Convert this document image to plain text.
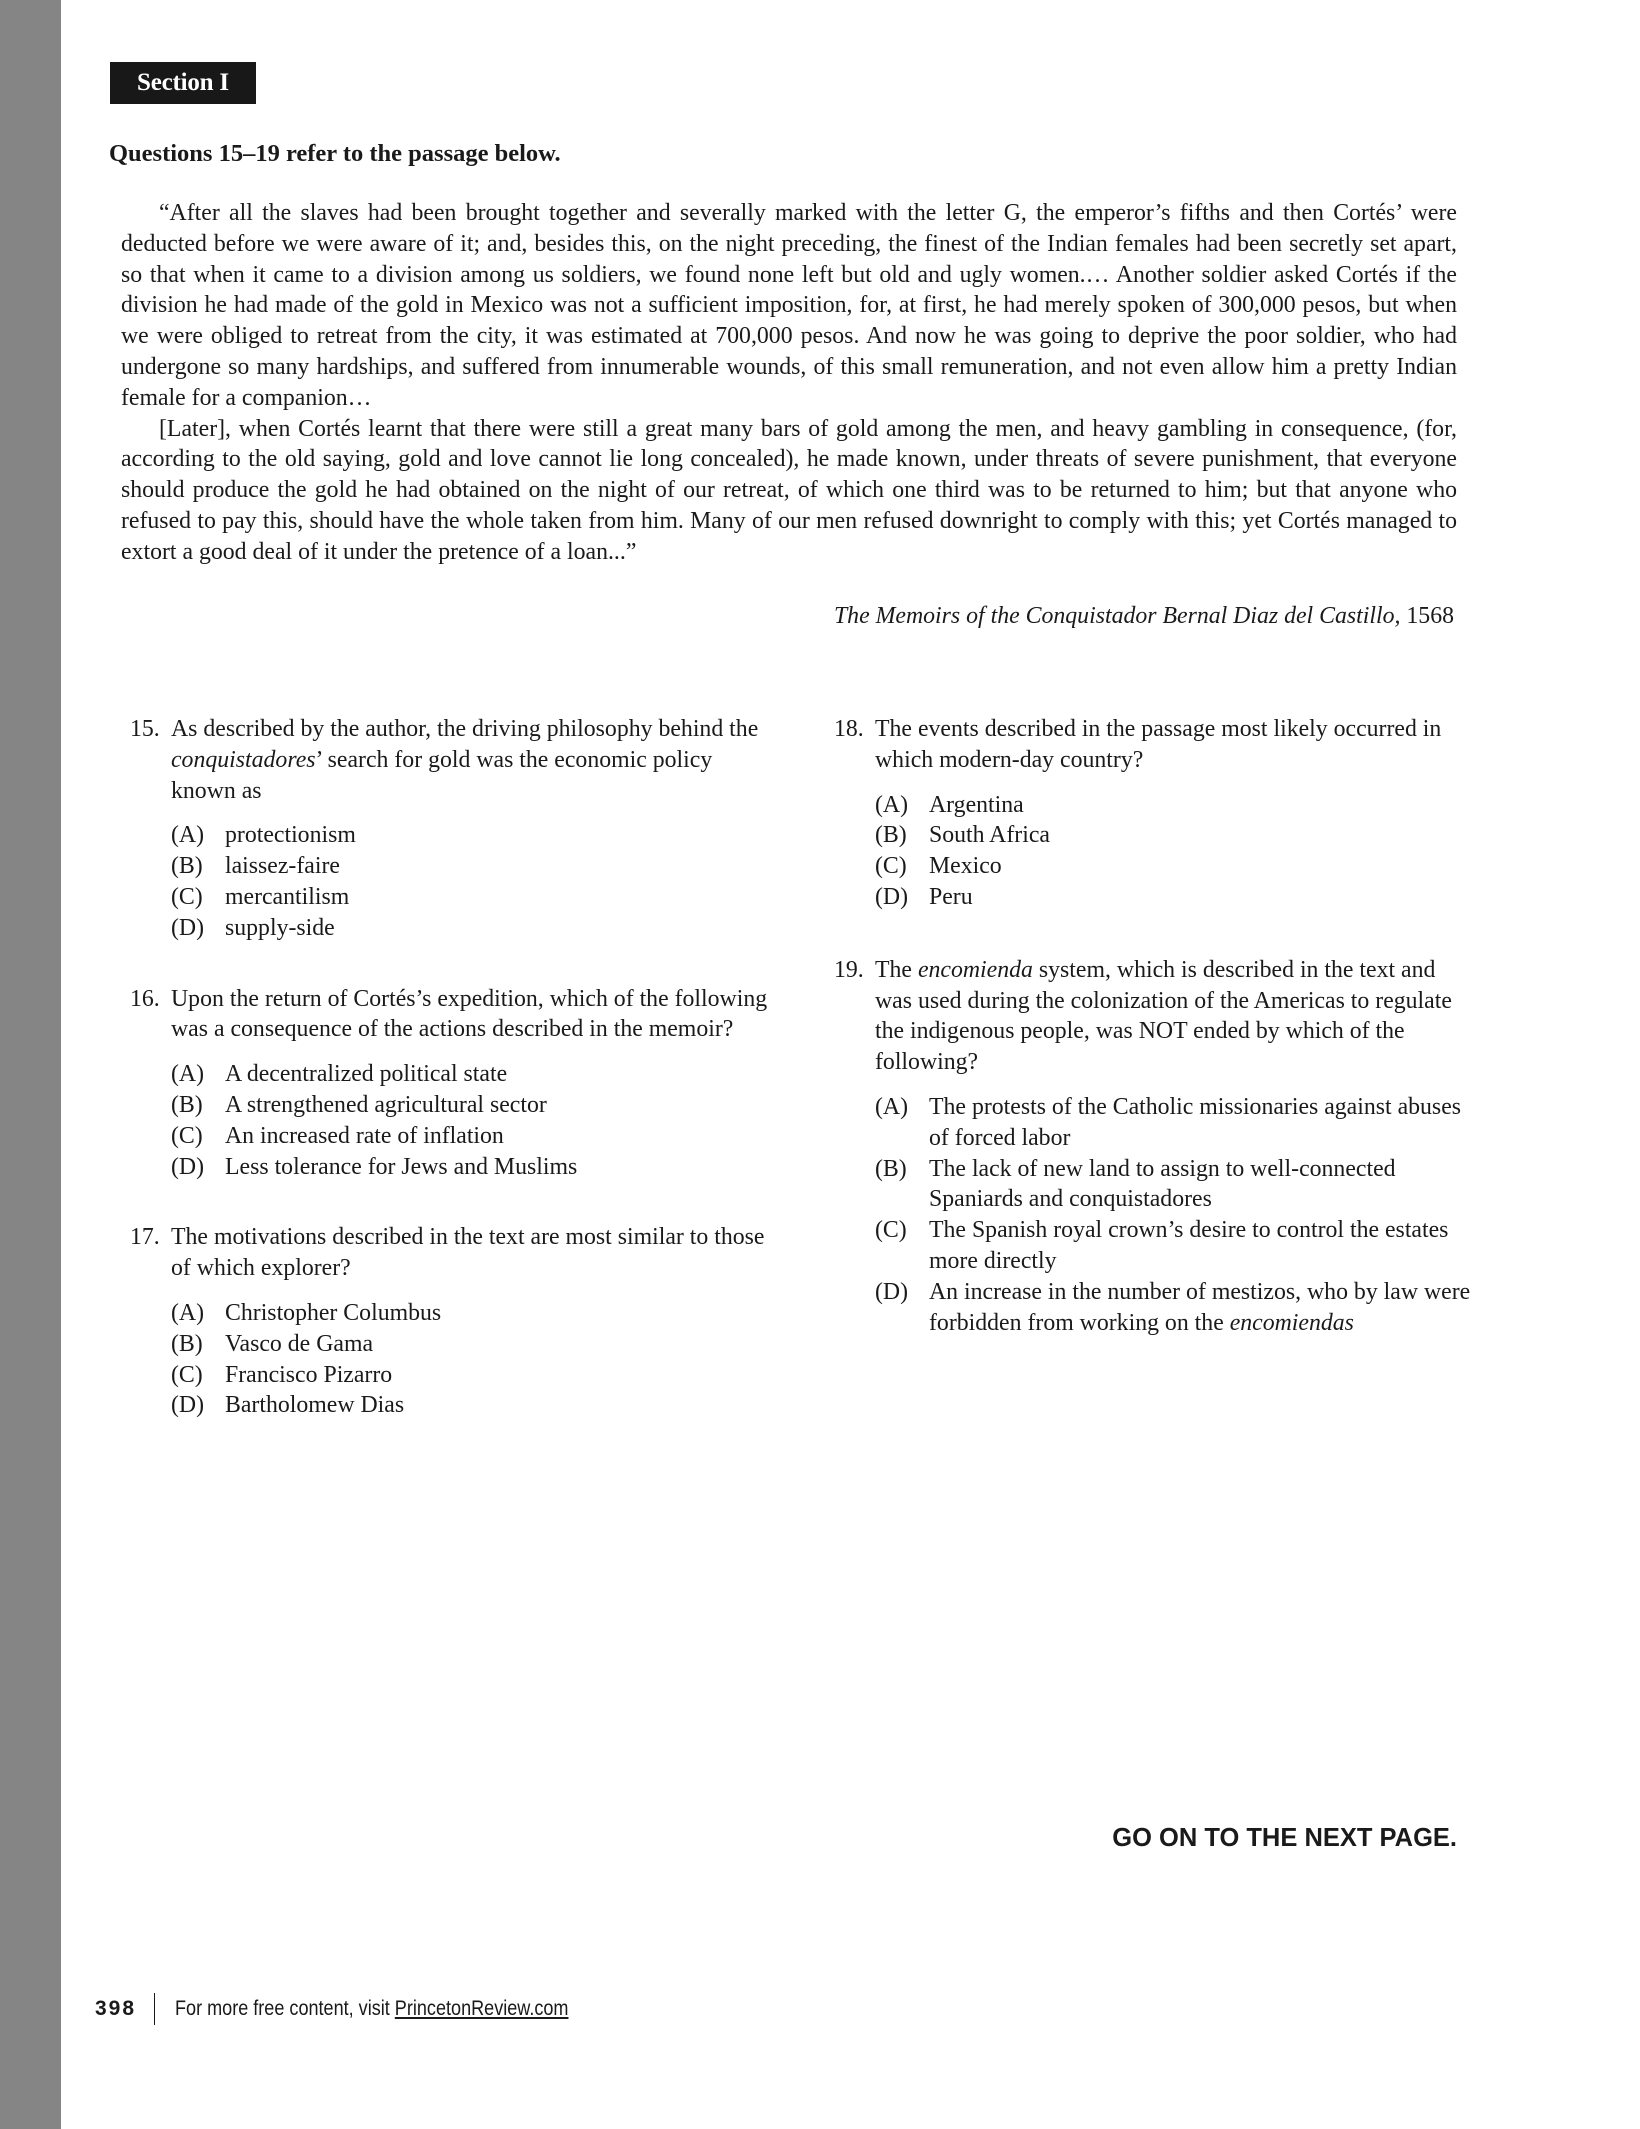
Section I
Questions 15–19 refer to the passage below.

“After all the slaves had been brought together and severally marked with the letter G, the emperor’s fifths and then Cortés’ were deducted before we were aware of it; and, besides this, on the night preceding, the finest of the Indian females had been secretly set apart, so that when it came to a division among us soldiers, we found none left but old and ugly women.… Another soldier asked Cortés if the division he had made of the gold in Mexico was not a sufficient imposition, for, at first, he had merely spoken of 300,000 pesos, but when we were obliged to retreat from the city, it was estimated at 700,000 pesos. And now he was going to deprive the poor soldier, who had undergone so many hardships, and suffered from innumerable wounds, of this small remuneration, and not even allow him a pretty Indian female for a companion…

[Later], when Cortés learnt that there were still a great many bars of gold among the men, and heavy gambling in consequence, (for, according to the old saying, gold and love cannot lie long concealed), he made known, under threats of severe punishment, that everyone should produce the gold he had obtained on the night of our retreat, of which one third was to be returned to him; but that anyone who refused to pay this, should have the whole taken from him. Many of our men refused downright to comply with this; yet Cortés managed to extort a good deal of it under the pretence of a loan...”

The Memoirs of the Conquistador Bernal Diaz del Castillo, 1568
15. As described by the author, the driving philosophy behind the conquistadores’ search for gold was the economic policy known as
(A) protectionism
(B) laissez-faire
(C) mercantilism
(D) supply-side
16. Upon the return of Cortés’s expedition, which of the following was a consequence of the actions described in the memoir?
(A) A decentralized political state
(B) A strengthened agricultural sector
(C) An increased rate of inflation
(D) Less tolerance for Jews and Muslims
17. The motivations described in the text are most similar to those of which explorer?
(A) Christopher Columbus
(B) Vasco de Gama
(C) Francisco Pizarro
(D) Bartholomew Dias
18. The events described in the passage most likely occurred in which modern-day country?
(A) Argentina
(B) South Africa
(C) Mexico
(D) Peru
19. The encomienda system, which is described in the text and was used during the colonization of the Americas to regulate the indigenous people, was NOT ended by which of the following?
(A) The protests of the Catholic missionaries against abuses of forced labor
(B) The lack of new land to assign to well-connected Spaniards and conquistadores
(C) The Spanish royal crown’s desire to control the estates more directly
(D) An increase in the number of mestizos, who by law were forbidden from working on the encomiendas
GO ON TO THE NEXT PAGE.
398 For more free content, visit PrincetonReview.com
